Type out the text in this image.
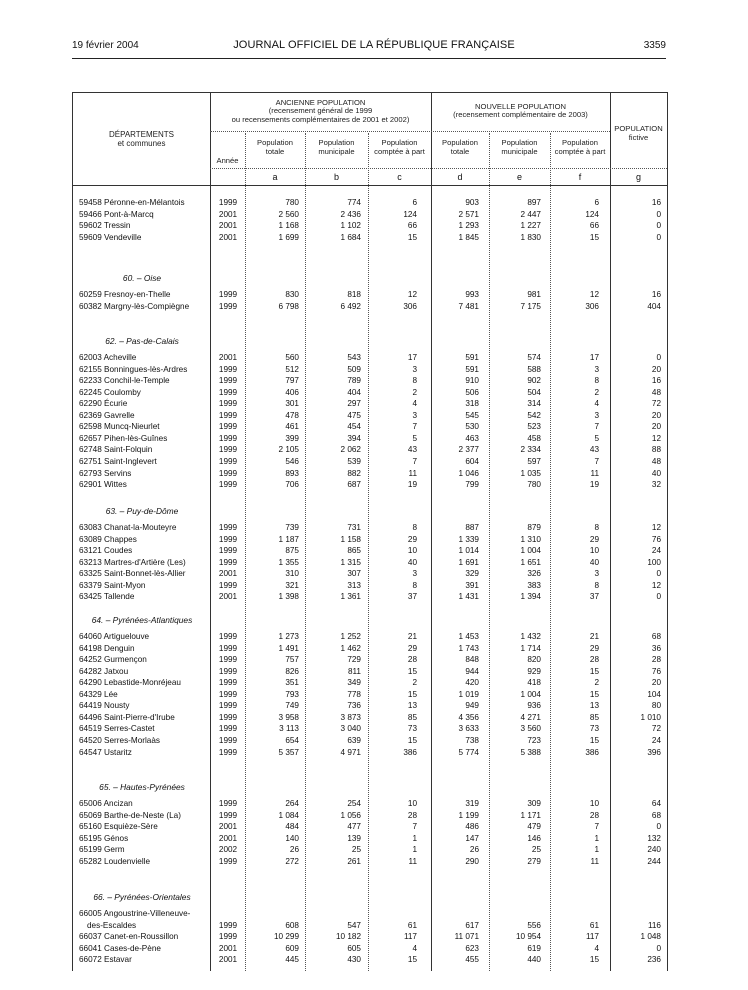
19 février 2004	JOURNAL OFFICIEL DE LA RÉPUBLIQUE FRANÇAISE	3359
DÉPARTEMENTS
et communes
Année
ANCIENNE POPULATION
(recensement général de 1999
ou recensements complémentaires de 2001 et 2002)
NOUVELLE POPULATION
(recensement complémentaire de 2003)
POPULATION
fictive
Population
totale
Population
municipale
Population
comptée à part
Population
totale
Population
municipale
Population
comptée à part
a	b	c	d	e	f	g
59458 Péronne-en-Mélantois	1999	780	774	6	903	897	6	16
59466 Pont-à-Marcq	2001	2 560	2 436	124	2 571	2 447	124	0
59602 Tressin	2001	1 168	1 102	66	1 293	1 227	66	0
59609 Vendeville	2001	1 699	1 684	15	1 845	1 830	15	0
60. – Oise
60259 Fresnoy-en-Thelle	1999	830	818	12	993	981	12	16
60382 Margny-lès-Compiègne	1999	6 798	6 492	306	7 481	7 175	306	404
62. – Pas-de-Calais
62003 Acheville	2001	560	543	17	591	574	17	0
62155 Bonningues-lès-Ardres	1999	512	509	3	591	588	3	20
62233 Conchil-le-Temple	1999	797	789	8	910	902	8	16
62245 Coulomby	1999	406	404	2	506	504	2	48
62290 Écurie	1999	301	297	4	318	314	4	72
62369 Gavrelle	1999	478	475	3	545	542	3	20
62598 Muncq-Nieurlet	1999	461	454	7	530	523	7	20
62657 Pihen-lès-Guînes	1999	399	394	5	463	458	5	12
62748 Saint-Folquin	1999	2 105	2 062	43	2 377	2 334	43	88
62751 Saint-Inglevert	1999	546	539	7	604	597	7	48
62793 Servins	1999	893	882	11	1 046	1 035	11	40
62901 Wittes	1999	706	687	19	799	780	19	32
63. – Puy-de-Dôme
63083 Chanat-la-Mouteyre	1999	739	731	8	887	879	8	12
63089 Chappes	1999	1 187	1 158	29	1 339	1 310	29	76
63121 Coudes	1999	875	865	10	1 014	1 004	10	24
63213 Martres-d'Artière (Les)	1999	1 355	1 315	40	1 691	1 651	40	100
63325 Saint-Bonnet-lès-Allier	2001	310	307	3	329	326	3	0
63379 Saint-Myon	1999	321	313	8	391	383	8	12
63425 Tallende	2001	1 398	1 361	37	1 431	1 394	37	0
64. – Pyrénées-Atlantiques
64060 Artiguelouve	1999	1 273	1 252	21	1 453	1 432	21	68
64198 Denguin	1999	1 491	1 462	29	1 743	1 714	29	36
64252 Gurmençon	1999	757	729	28	848	820	28	28
64282 Jatxou	1999	826	811	15	944	929	15	76
64290 Lebastide-Monréjeau	1999	351	349	2	420	418	2	20
64329 Lée	1999	793	778	15	1 019	1 004	15	104
64419 Nousty	1999	749	736	13	949	936	13	80
64496 Saint-Pierre-d'Irube	1999	3 958	3 873	85	4 356	4 271	85	1 010
64519 Serres-Castet	1999	3 113	3 040	73	3 633	3 560	73	72
64520 Serres-Morlaàs	1999	654	639	15	738	723	15	24
64547 Ustaritz	1999	5 357	4 971	386	5 774	5 388	386	396
65. – Hautes-Pyrénées
65006 Ancizan	1999	264	254	10	319	309	10	64
65069 Barthe-de-Neste (La)	1999	1 084	1 056	28	1 199	1 171	28	68
65160 Esquièze-Sère	2001	484	477	7	486	479	7	0
65195 Génos	2001	140	139	1	147	146	1	132
65199 Germ	2002	26	25	1	26	25	1	240
65282 Loudenvielle	1999	272	261	11	290	279	11	244
66. – Pyrénées-Orientales
66005 Angoustrine-Villeneuve-
des-Escaldes	1999	608	547	61	617	556	61	116
66037 Canet-en-Roussillon	1999	10 299	10 182	117	11 071	10 954	117	1 048
66041 Cases-de-Pène	2001	609	605	4	623	619	4	0
66072 Estavar	2001	445	430	15	455	440	15	236
